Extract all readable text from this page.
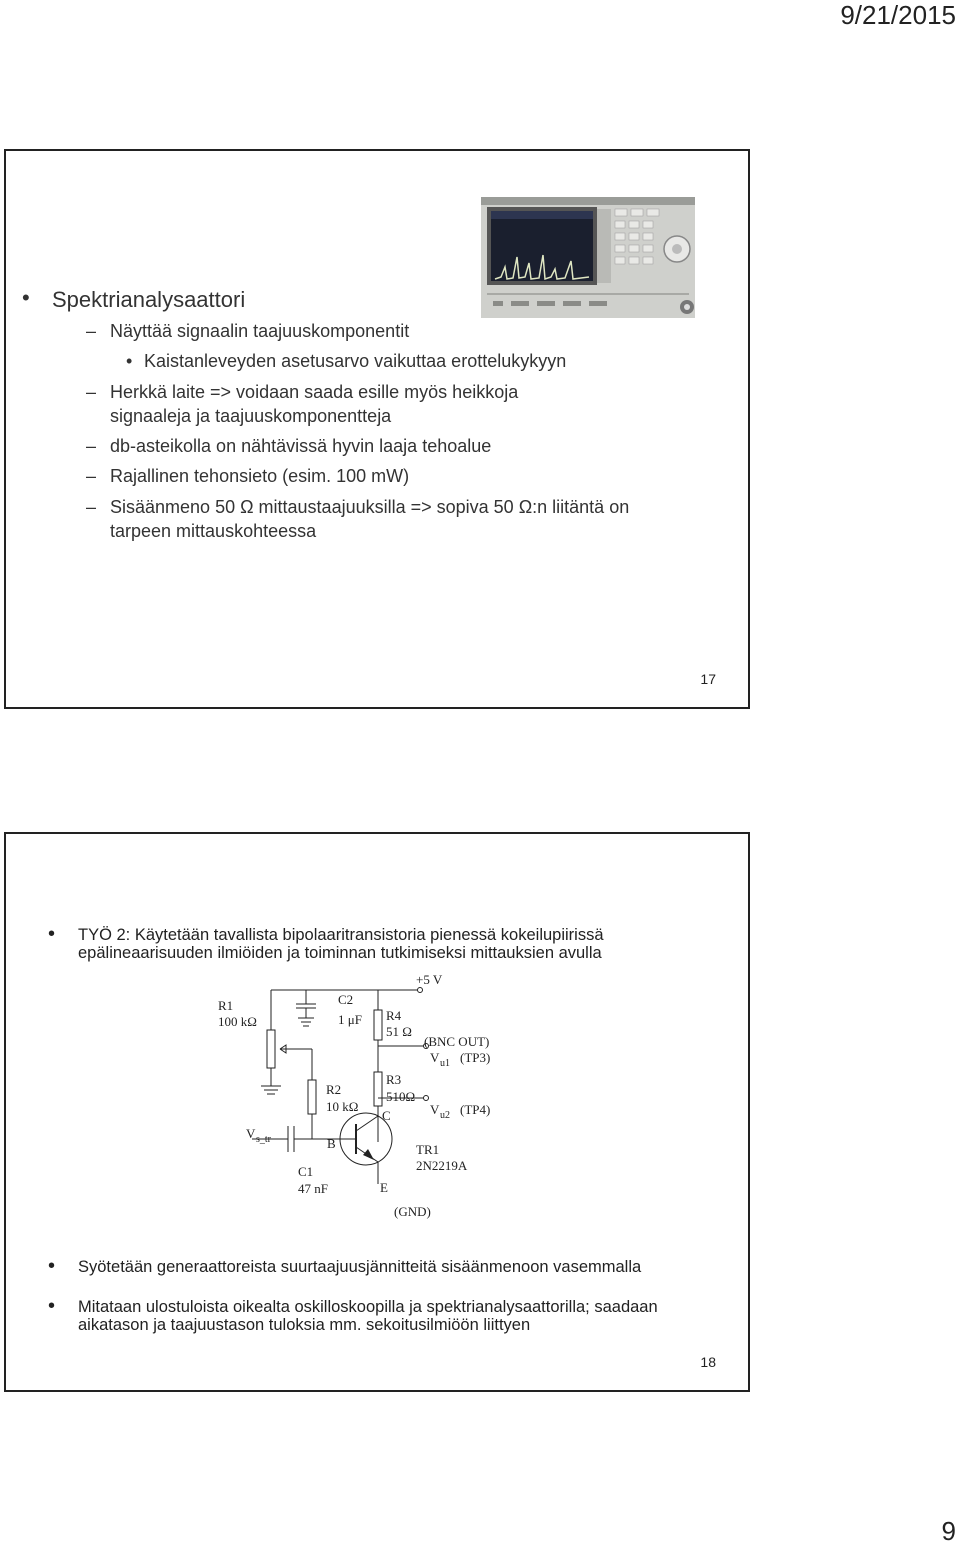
9/21/2015
• Spektrianalysaattori
– Näyttää signaalin taajuuskomponentit
• Kaistanleveyden asetusarvo vaikuttaa erottelukykyyn
– Herkkä laite => voidaan saada esille myös heikkoja signaaleja ja taajuuskomponentteja
– db-asteikolla on nähtävissä hyvin laaja tehoalue
– Rajallinen tehonsieto (esim. 100 mW)
– Sisäänmeno 50 Ω mittaustaajuuksilla => sopiva 50 Ω:n liitäntä on tarpeen mittauskohteessa
17
• TYÖ 2: Käytetään tavallista bipolaaritransistoria pienessä kokeilupiirissä epälineaarisuuden ilmiöiden ja toiminnan tutkimiseksi mittauksien avulla
R1
100 kΩ
C2
1 μF
+5 V
R4
51 Ω
(BNC OUT)
V u1 (TP3)
R3
510Ω
R2
10 kΩ	V u2 (TP4)
C
V s_tr	B	TR1
2N2219A
C1
47 nF	E
(GND)
• Syötetään generaattoreista suurtaajuusjännitteitä sisäänmenoon vasemmalla
• Mitataan ulostuloista oikealta oskilloskoopilla ja spektrianalysaattorilla; saadaan aikatason ja taajuustason tuloksia mm. sekoitusilmiöön liittyen
18
9
